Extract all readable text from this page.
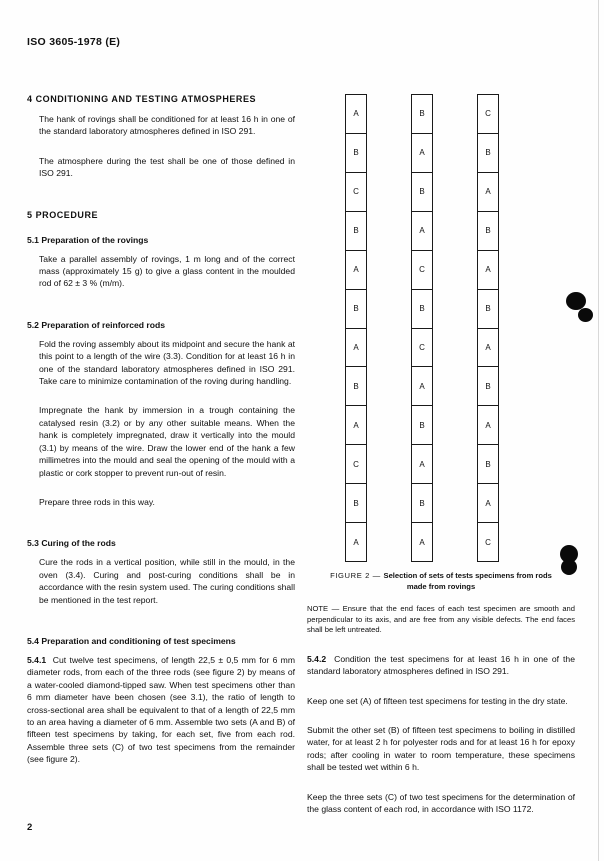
ISO 3605-1978 (E)
4 CONDITIONING AND TESTING ATMOSPHERES

The hank of rovings shall be conditioned for at least 16 h in one of the standard laboratory atmospheres defined in ISO 291.

The atmosphere during the test shall be one of those defined in ISO 291.

5 PROCEDURE
5.1 Preparation of the rovings

Take a parallel assembly of rovings, 1 m long and of the correct mass (approximately 15 g) to give a glass content in the moulded rod of 62 ± 3 % (m/m).

5.2 Preparation of reinforced rods

Fold the roving assembly about its midpoint and secure the hank at this point to a length of the wire (3.3). Condition for at least 16 h in one of the standard laboratory atmospheres defined in ISO 291. Take care to minimize contamination of the roving during handling.

Impregnate the hank by immersion in a trough containing the catalysed resin (3.2) or by any other suitable means. When the hank is completely impregnated, draw it vertically into the mould (3.1) by means of the wire. Draw the lower end of the hank a few millimetres into the mould and seal the opening of the mould with a plastic or cork stopper to prevent run-out of resin.

Prepare three rods in this way.

5.3 Curing of the rods

Cure the rods in a vertical position, while still in the mould, in the oven (3.4). Curing and post-curing conditions shall be in accordance with the resin system used. The curing conditions shall be mentioned in the test report.

5.4 Preparation and conditioning of test specimens

5.4.1 Cut twelve test specimens, of length 22,5 ± 0,5 mm for 6 mm diameter rods, from each of the three rods (see figure 2) by means of a water-cooled diamond-tipped saw. When test specimens other than 6 mm diameter have been chosen (see 3.1), the ratio of length to cross-sectional area shall be equivalent to that of a length of 22,5 mm to an area having a diameter of 6 mm. Assemble two sets (A and B) of fifteen test specimens by taking, for each set, five from each rod. Assemble three sets (C) of two test specimens from the remainder (see figure 2).

A
B
C
B
A
B
A
B
A
C
B
A
B
A
B
A
C
B
C
A
B
A
B
A
C
B
A
B
A
B
A
B
A
B
A
C
FIGURE 2 — Selection of sets of tests specimens from rods
made from rovings

NOTE — Ensure that the end faces of each test specimen are smooth and perpendicular to its axis, and are free from any visible defects. The end faces shall be left untreated.

5.4.2 Condition the test specimens for at least 16 h in one of the standard laboratory atmospheres defined in ISO 291.

Keep one set (A) of fifteen test specimens for testing in the dry state.

Submit the other set (B) of fifteen test specimens to boiling in distilled water, for at least 2 h for polyester rods and for at least 16 h for epoxy rods; after cooling in water to room temperature, these specimens shall be tested wet within 6 h.

Keep the three sets (C) of two test specimens for the determination of the glass content of each rod, in accordance with ISO 1172.

2
